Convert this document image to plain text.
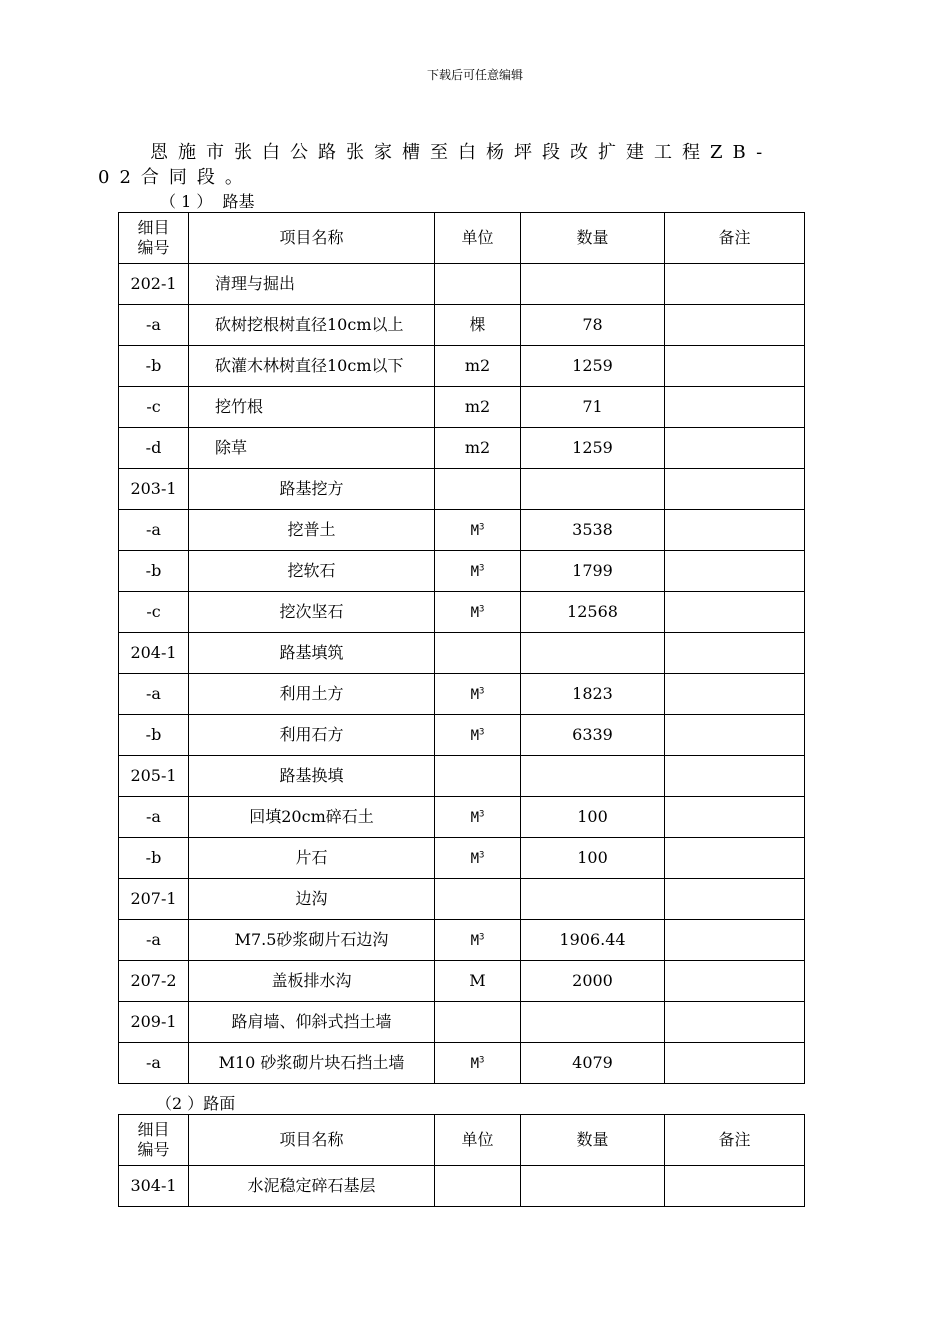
下载后可任意编辑
恩施市张白公路张家槽至白杨坪段改扩建工程ZB-
02合同段。
（ 1 ）  路基
细目
编号	项目名称	单位	数量	备注
202-1	清理与掘出			
-a	砍树挖根树直径10cm以上	棵	78	
-b	砍灌木林树直径10cm以下	m2	1259	
-c	挖竹根	m2	71	
-d	除草	m2	1259	
203-1	路基挖方			
-a	挖普土	$M^3$	3538	
-b	挖软石	$M^3$	1799	
-c	挖次坚石	$M^3$	12568	
204-1	路基填筑			
-a	利用土方	$M^3$	1823	
-b	利用石方	$M^3$	6339	
205-1	路基换填			
-a	回填20cm碎石土	$M^3$	100	
-b	片石	$M^3$	100	
207-1	边沟			
-a	M7.5砂浆砌片石边沟	$M^3$	1906.44	
207-2	盖板排水沟	M	2000	
209-1	路肩墙、仰斜式挡土墙			
-a	M10 砂浆砌片块石挡土墙	$M^3$	4079	
（2 ）路面
细目
编号	项目名称	单位	数量	备注
304-1	水泥稳定碎石基层			
